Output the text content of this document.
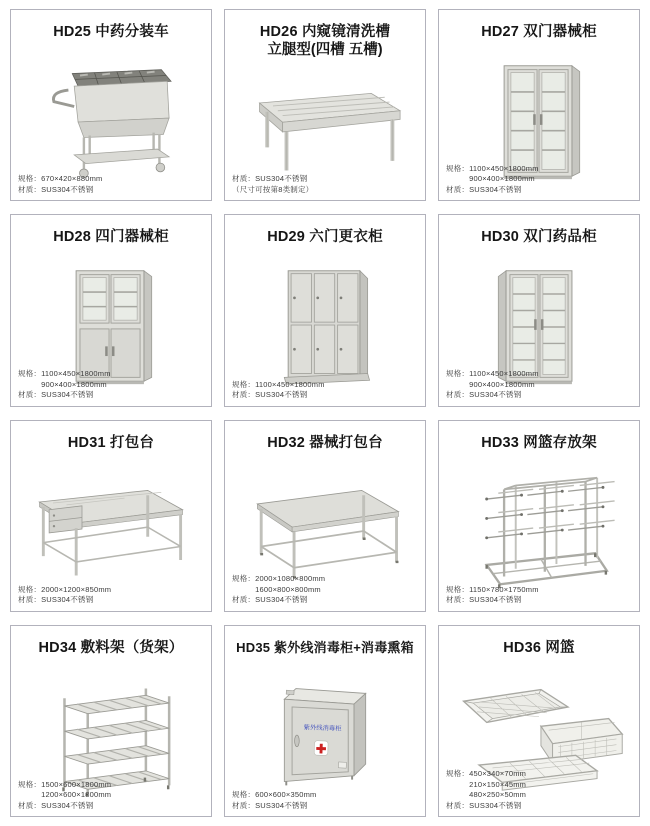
HD25 中药分装车
规格：670×420×880mm
材质：SUS304不锈钢
HD26 内窥镜清洗槽
立腿型(四槽 五槽)
材质：SUS304不锈钢
（尺寸可按第8类制定）
HD27 双门器械柜
规格：1100×450×1800mm
　　　900×400×1800mm
材质：SUS304不锈钢
HD28 四门器械柜
规格：1100×450×1800mm
　　　900×400×1800mm
材质：SUS304不锈钢
HD29 六门更衣柜
规格：1100×450×1800mm
材质：SUS304不锈钢
HD30 双门药品柜
规格：1100×450×1800mm
　　　900×400×1800mm
材质：SUS304不锈钢
HD31 打包台
规格：2000×1200×850mm
材质：SUS304不锈钢
HD32 器械打包台
规格：2000×1080×800mm
　　　1600×800×800mm
材质：SUS304不锈钢
HD33 网篮存放架
规格：1150×780×1750mm
材质：SUS304不锈钢
HD34 敷料架（货架）
规格：1500×600×1800mm
　　　1200×600×1800mm
材质：SUS304不锈钢
HD35 紫外线消毒柜+消毒熏箱
紫外线消毒柜
规格：600×600×350mm
材质：SUS304不锈钢
HD36 网篮
规格：450×340×70mm
　　　210×150×45mm
　　　480×250×50mm
材质：SUS304不锈钢
